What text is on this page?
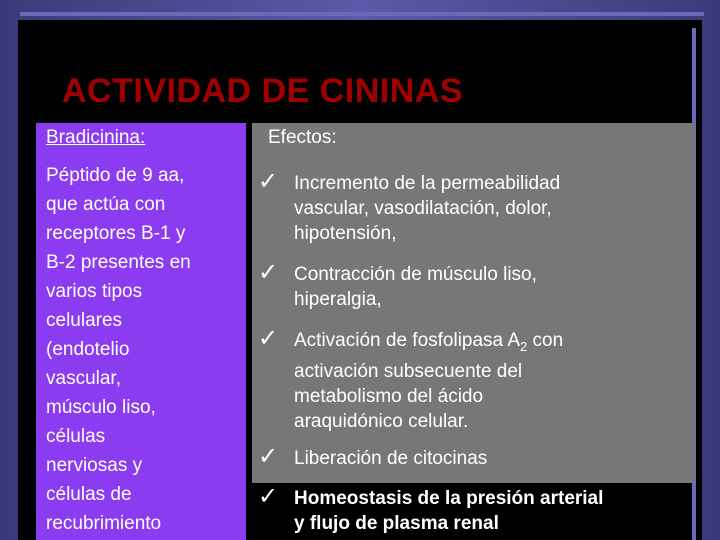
ACTIVIDAD DE CININAS
Bradicinina:
Péptido de 9 aa,
que actúa con
receptores B-1 y
B-2 presentes en
varios tipos
celulares
(endotelio
vascular,
músculo liso,
células
nerviosas y
células de
recubrimiento
Efectos:
✓ Incremento de la permeabilidad
vascular, vasodilatación, dolor,
hipotensión,
✓ Contracción de músculo liso,
hiperalgia,
✓ Activación de fosfolipasa $A_2$ con
activación subsecuente del
metabolismo del ácido
araquidónico celular.
✓ Liberación de citocinas
✓ Homeostasis de la presión arterial
y flujo de plasma renal
